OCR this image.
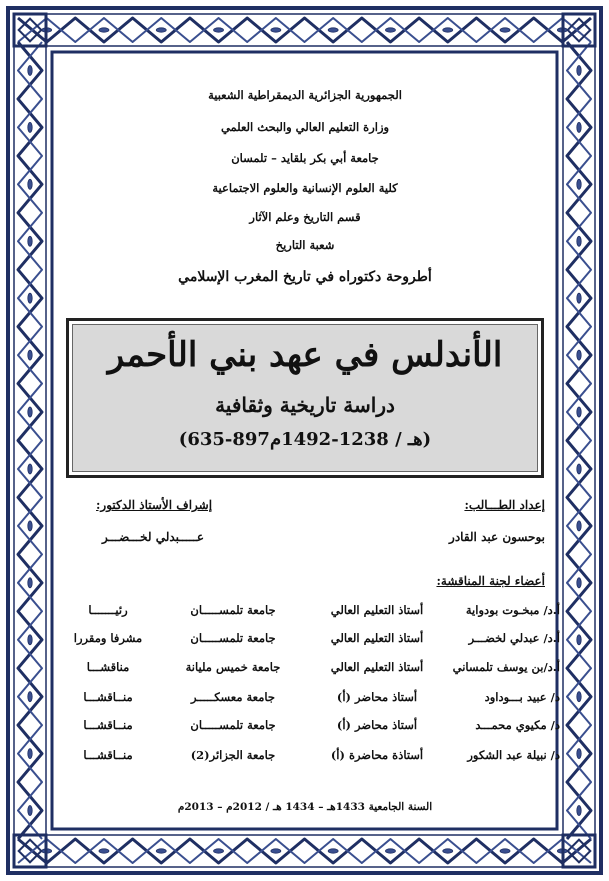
الجمهورية الجزائرية الديمقراطية الشعبية
وزارة التعليم العالي والبحث العلمي
جامعة أبي بكر بلقايد – تلمسان
كلية العلوم الإنسانية والعلوم الاجتماعية
قسم التاريخ وعلم الآثار
شعبة التاريخ
أطروحة دكتوراه في تاريخ المغرب الإسلامي
الأندلس في عهد بني الأحمر
دراسة تاريخية وثقافية
(635-897هـ / 1238-1492م)
إعداد الطـــالب:
بوحسون عبد القادر
إشراف الأستاذ الدكتور:
عـــــبدلي لخـــضـــر
أعضاء لجنة المناقشة:
أ.د/ مبخـوت بودواية
أستاذ التعليم العالي
جامعة تلمســـــان
رئيـــــــا
أ.د/ عبدلي لخضـــر
أستاذ التعليم العالي
جامعة تلمســـــان
مشرفا ومقررا
أ.د/بن يوسف تلمساني
أستاذ التعليم العالي
جامعة خميس مليانة
مناقشـــا
د/ عبيد بـــوداود
أستاذ محاضر (أ)
جامعة معسكـــــر
منــاقشـــا
د/ مكيوي محمـــد
أستاذ محاضر (أ)
جامعة تلمســـــان
منــاقشـــا
د/ نبيلة عبد الشكور
أستاذة محاضرة (أ)
جامعة الجزائر(2)
منــاقشـــا
السنة الجامعية 1433هـ – 1434 هـ / 2012م – 2013م
